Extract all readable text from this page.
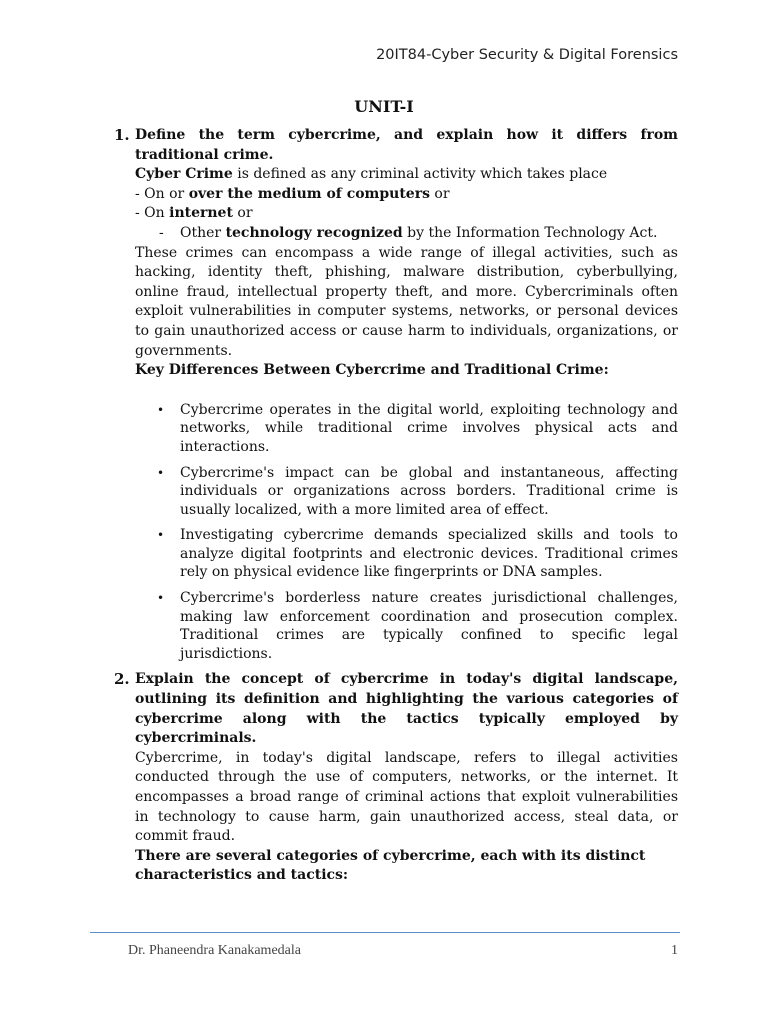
20IT84-Cyber Security & Digital Forensics
UNIT-I
1. Define the term cybercrime, and explain how it differs from traditional crime.

Cyber Crime is defined as any criminal activity which takes place

- On or over the medium of computers or

- On internet or

- Other technology recognized by the Information Technology Act.

These crimes can encompass a wide range of illegal activities, such as hacking, identity theft, phishing, malware distribution, cyberbullying, online fraud, intellectual property theft, and more. Cybercriminals often exploit vulnerabilities in computer systems, networks, or personal devices to gain unauthorized access or cause harm to individuals, organizations, or governments.

Key Differences Between Cybercrime and Traditional Crime:

• Cybercrime operates in the digital world, exploiting technology and networks, while traditional crime involves physical acts and interactions.
• Cybercrime's impact can be global and instantaneous, affecting individuals or organizations across borders. Traditional crime is usually localized, with a more limited area of effect.
• Investigating cybercrime demands specialized skills and tools to analyze digital footprints and electronic devices. Traditional crimes rely on physical evidence like fingerprints or DNA samples.
• Cybercrime's borderless nature creates jurisdictional challenges, making law enforcement coordination and prosecution complex. Traditional crimes are typically confined to specific legal jurisdictions.
2. Explain the concept of cybercrime in today's digital landscape, outlining its definition and highlighting the various categories of cybercrime along with the tactics typically employed by cybercriminals.

Cybercrime, in today's digital landscape, refers to illegal activities conducted through the use of computers, networks, or the internet. It encompasses a broad range of criminal actions that exploit vulnerabilities in technology to cause harm, gain unauthorized access, steal data, or commit fraud.

There are several categories of cybercrime, each with its distinct characteristics and tactics:

Dr. Phaneendra Kanakamedala	1
